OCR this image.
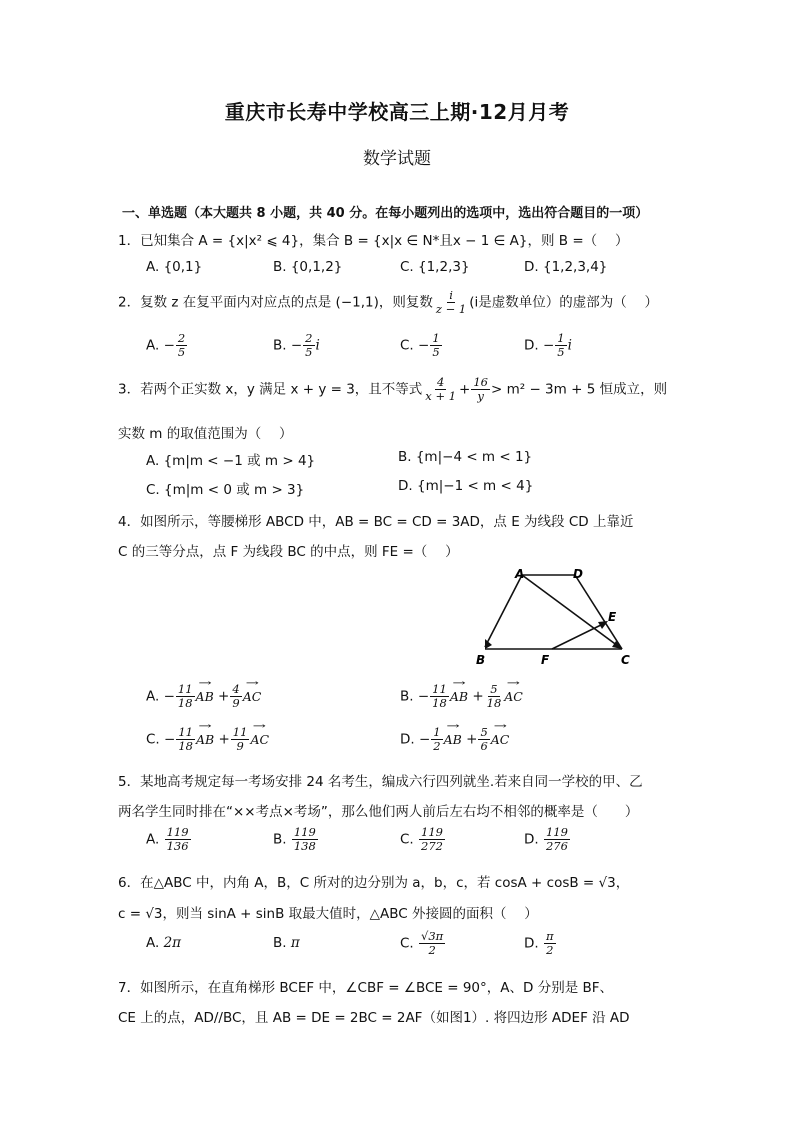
重庆市长寿中学校高三上期·12月月考
数学试题
一、单选题（本大题共 8 小题，共 40 分。在每小题列出的选项中，选出符合题目的一项）
1．已知集合 A = {x|x² ⩽ 4}，集合 B = {x|x ∈ N*且x − 1 ∈ A}，则 B =（　 ）
A. {0,1}	B. {0,1,2}	C. {1,2,3}	D. {1,2,3,4}
2．复数 z 在复平面内对应点的点是 (−1,1)，则复数 $\frac{i}{z - 1} (i$是虚数单位）的虚部为（　 ）
A. − $\frac{2}{5}$	B. − $\frac{2}{5}$ i	C. − $\frac{1}{5}$	D. − $\frac{1}{5}$ i
3．若两个正实数 x，y 满足 x + y = 3，且不等式 $\frac{4}{x + 1} + \frac{16}{y} > m^2 - 3m + 5$ 恒成立，则
实数 m 的取值范围为（　 ）
A. {m|m < −1 或 m > 4}	B. {m|−4 < m < 1}
C. {m|m < 0 或 m > 3}	D. {m|−1 < m < 4}
4．如图所示，等腰梯形 ABCD 中，AB = BC = CD = 3AD，点 E 为线段 CD 上靠近
C 的三等分点，点 F 为线段 BC 的中点，则 FE =（　 ）
A	D
E
B	F	C
A. − $\frac{11}{18}$ →
AB + $\frac{4}{9}$ →
AC	B. − $\frac{11}{18}$ →
AB + $\frac{5}{18}$ →
AC
C. − $\frac{11}{18}$ →
AB + $\frac{11}{9}$ →
AC	D. − $\frac{1}{2}$ →
AB + $\frac{5}{6}$ →
AC
5．某地高考规定每一考场安排 24 名考生，编成六行四列就坐.若来自同一学校的甲、乙
两名学生同时排在“××考点×考场”，那么他们两人前后左右均不相邻的概率是（　　）
A. $\frac{119}{136}$	B. $\frac{119}{138}$	C. $\frac{119}{272}$	D. $\frac{119}{276}$
6．在△ABC 中，内角 A，B，C 所对的边分别为 a，b，c，若 cosA + cosB = √3，
c = √3，则当 sinA + sinB 取最大值时，△ABC 外接圆的面积（　 ）
A. 2π	B. π	C. $\frac{√3\pi}{2}$	D. $\frac{\pi}{2}$
7．如图所示，在直角梯形 BCEF 中，∠CBF = ∠BCE = 90°，A、D 分别是 BF、
CE 上的点，AD//BC，且 AB = DE = 2BC = 2AF（如图1）. 将四边形 ADEF 沿 AD
